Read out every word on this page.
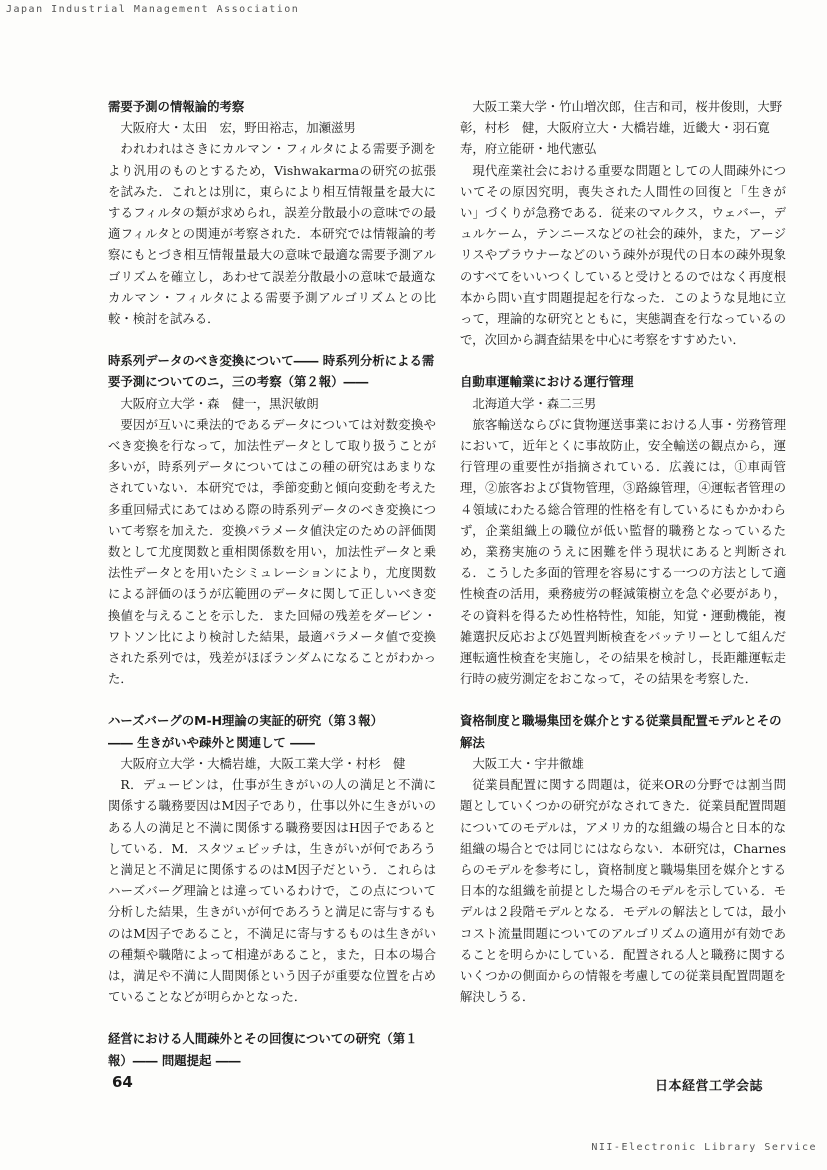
Japan Industrial Management Association

需要予測の情報論的考察

大阪府大・太田　宏，野田裕志，加瀬滋男

われわれはさきにカルマン・フィルタによる需要予測をより汎用のものとするため，Vishwakarmaの研究の拡張を試みた．これとは別に，東らにより相互情報量を最大にするフィルタの類が求められ，誤差分散最小の意味での最適フィルタとの関連が考察された．本研究では情報論的考察にもとづき相互情報量最大の意味で最適な需要予測アルゴリズムを確立し，あわせて誤差分散最小の意味で最適なカルマン・フィルタによる需要予測アルゴリズムとの比較・検討を試みる．

時系列データのべき変換について―― 時系列分析による需要予測についてのニ，三の考察（第２報）――

大阪府立大学・森　健一，黒沢敏朗

要因が互いに乗法的であるデータについては対数変換やべき変換を行なって，加法性データとして取り扱うことが多いが，時系列データについてはこの種の研究はあまりなされていない．本研究では，季節変動と傾向変動を考えた多重回帰式にあてはめる際の時系列データのべき変換について考察を加えた．変換パラメータ値決定のための評価関数として尤度関数と重相関係数を用い，加法性データと乗法性データとを用いたシミュレーションにより，尤度関数による評価のほうが広範囲のデータに関して正しいべき変換値を与えることを示した．また回帰の残差をダービン・ワトソン比により検討した結果，最適パラメータ値で変換された系列では，残差がほぼランダムになることがわかった．

ハーズバーグのM-H理論の実証的研究（第３報）

―― 生きがいや疎外と関連して ――

大阪府立大学・大橋岩雄，大阪工業大学・村杉　健

R．デュービンは，仕事が生きがいの人の満足と不満に関係する職務要因はM因子であり，仕事以外に生きがいのある人の満足と不満に関係する職務要因はH因子であるとしている．M．スタツェビッチは，生きがいが何であろうと満足と不満足に関係するのはM因子だという．これらはハーズバーグ理論とは違っているわけで，この点について分析した結果，生きがいが何であろうと満足に寄与するものはM因子であること，不満足に寄与するものは生きがいの種類や職階によって相違があること，また，日本の場合は，満足や不満に人間関係という因子が重要な位置を占めていることなどが明らかとなった．

経営における人間疎外とその回復についての研究（第１報）―― 問題提起 ――

大阪工業大学・竹山増次郎，住吉和司，桜井俊則，大野　彰，村杉　健，大阪府立大・大橋岩雄，近畿大・羽石寛寿，府立能研・地代憲弘

現代産業社会における重要な問題としての人間疎外についてその原因究明，喪失された人間性の回復と「生きがい」づくりが急務である．従来のマルクス，ウェバー，デュルケーム，テンニースなどの社会的疎外，また，アージリスやブラウナーなどのいう疎外が現代の日本の疎外現象のすべてをいいつくしていると受けとるのではなく再度根本から問い直す問題提起を行なった．このような見地に立って，理論的な研究とともに，実態調査を行なっているので，次回から調査結果を中心に考察をすすめたい．

自動車運輸業における運行管理

北海道大学・森二三男

旅客輸送ならびに貨物運送事業における人事・労務管理において，近年とくに事故防止，安全輸送の観点から，運行管理の重要性が指摘されている．広義には，①車両管理，②旅客および貨物管理，③路線管理，④運転者管理の４領域にわたる総合管理的性格を有しているにもかかわらず，企業組織上の職位が低い監督的職務となっているため，業務実施のうえに困難を伴う現状にあると判断される．こうした多面的管理を容易にする一つの方法として適性検査の活用，乗務疲労の軽減策樹立を急ぐ必要があり，その資料を得るため性格特性，知能，知覚・運動機能，複雑選択反応および処置判断検査をバッテリーとして組んだ運転適性検査を実施し，その結果を検討し，長距離運転走行時の疲労測定をおこなって，その結果を考察した．

資格制度と職場集団を媒介とする従業員配置モデルとその解法

大阪工大・宇井徹雄

従業員配置に関する問題は，従来ORの分野では割当問題としていくつかの研究がなされてきた．従業員配置問題についてのモデルは，アメリカ的な組織の場合と日本的な組織の場合とでは同じにはならない．本研究は，Charnesらのモデルを参考にし，資格制度と職場集団を媒介とする日本的な組織を前提とした場合のモデルを示している．モデルは２段階モデルとなる．モデルの解法としては，最小コスト流量問題についてのアルゴリズムの適用が有効であることを明らかにしている．配置される人と職務に関するいくつかの側面からの情報を考慮しての従業員配置問題を解決しうる．

64	日本経営工学会誌
NII-Electronic Library Service
